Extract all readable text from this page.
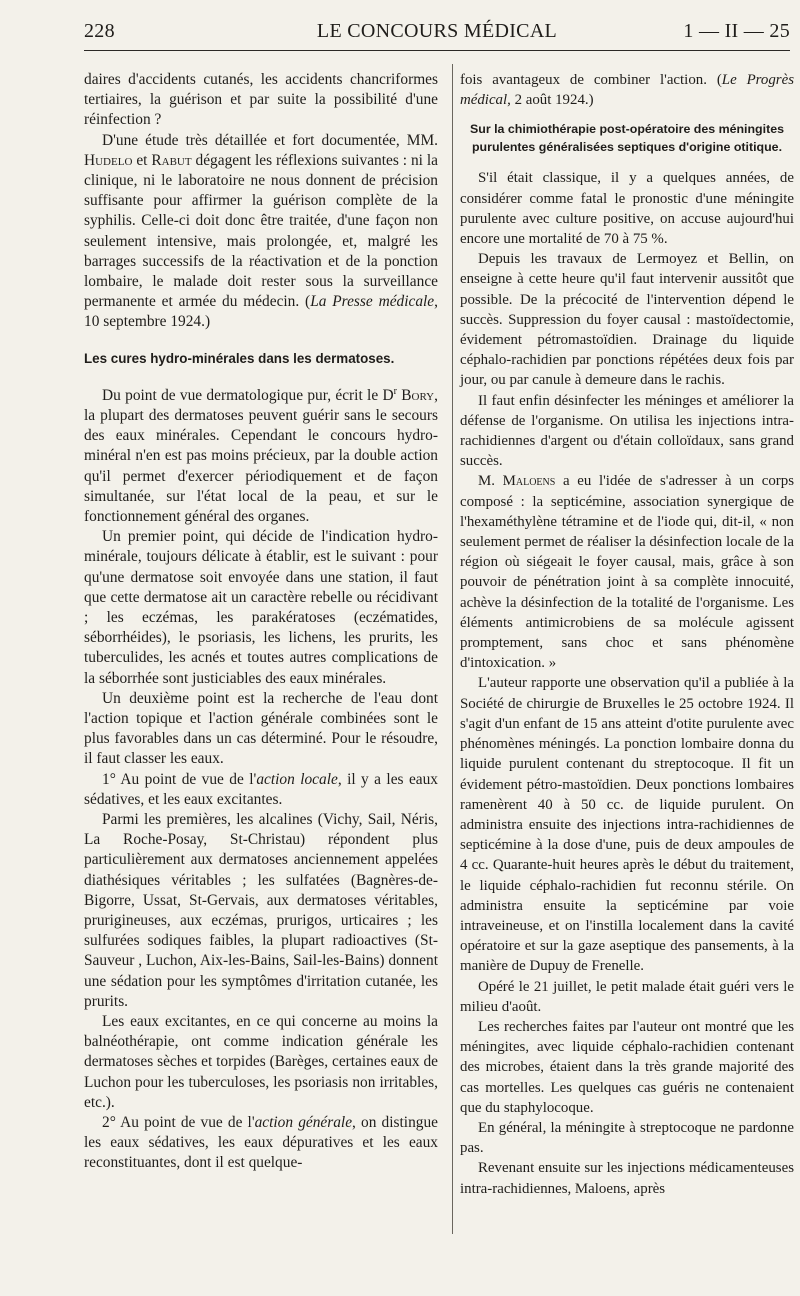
228	LE CONCOURS MÉDICAL	1 — II — 25

daires d'accidents cutanés, les accidents chancriformes tertiaires, la guérison et par suite la possibilité d'une réinfection ?

D'une étude très détaillée et fort documentée, MM. Hudelo et Rabut dégagent les réflexions suivantes : ni la clinique, ni le laboratoire ne nous donnent de précision suffisante pour affirmer la guérison complète de la syphilis. Celle-ci doit donc être traitée, d'une façon non seulement intensive, mais prolongée, et, malgré les barrages successifs de la réactivation et de la ponction lombaire, le malade doit rester sous la surveillance permanente et armée du médecin. (La Presse médicale, 10 septembre 1924.)

Les cures hydro-minérales dans les dermatoses.

Du point de vue dermatologique pur, écrit le $D^r$ Bory, la plupart des dermatoses peuvent guérir sans le secours des eaux minérales. Cependant le concours hydro-minéral n'en est pas moins précieux, par la double action qu'il permet d'exercer périodiquement et de façon simultanée, sur l'état local de la peau, et sur le fonctionnement général des organes.

Un premier point, qui décide de l'indication hydro-minérale, toujours délicate à établir, est le suivant : pour qu'une dermatose soit envoyée dans une station, il faut que cette dermatose ait un caractère rebelle ou récidivant ; les eczémas, les parakératoses (eczématides, séborrhéides), le psoriasis, les lichens, les prurits, les tuberculides, les acnés et toutes autres complications de la séborrhée sont justiciables des eaux minérales.

Un deuxième point est la recherche de l'eau dont l'action topique et l'action générale combinées sont le plus favorables dans un cas déterminé. Pour le résoudre, il faut classer les eaux.

1° Au point de vue de l'action locale, il y a les eaux sédatives, et les eaux excitantes.

Parmi les premières, les alcalines (Vichy, Sail, Néris, La Roche-Posay, St-Christau) répondent plus particulièrement aux dermatoses anciennement appelées diathésiques véritables ; les sulfatées (Bagnères-de-Bigorre, Ussat, St-Gervais, aux dermatoses véritables, prurigineuses, aux eczémas, prurigos, urticaires ; les sulfurées sodiques faibles, la plupart radioactives (St-Sauveur , Luchon, Aix-les-Bains, Sail-les-Bains) donnent une sédation pour les symptômes d'irritation cutanée, les prurits.

Les eaux excitantes, en ce qui concerne au moins la balnéothérapie, ont comme indication générale les dermatoses sèches et torpides (Barèges, certaines eaux de Luchon pour les tuberculoses, les psoriasis non irritables, etc.).

2° Au point de vue de l'action générale, on distingue les eaux sédatives, les eaux dépuratives et les eaux reconstituantes, dont il est quelque-

fois avantageux de combiner l'action. (Le Progrès médical, 2 août 1924.)

Sur la chimiothérapie post-opératoire des méningites purulentes généralisées septiques d'origine otitique.

S'il était classique, il y a quelques années, de considérer comme fatal le pronostic d'une méningite purulente avec culture positive, on accuse aujourd'hui encore une mortalité de 70 à 75 %.

Depuis les travaux de Lermoyez et Bellin, on enseigne à cette heure qu'il faut intervenir aussitôt que possible. De la précocité de l'intervention dépend le succès. Suppression du foyer causal : mastoïdectomie, évidement pétromastoïdien. Drainage du liquide céphalo-rachidien par ponctions répétées deux fois par jour, ou par canule à demeure dans le rachis.

Il faut enfin désinfecter les méninges et améliorer la défense de l'organisme. On utilisa les injections intra-rachidiennes d'argent ou d'étain colloïdaux, sans grand succès.

M. Maloens a eu l'idée de s'adresser à un corps composé : la septicémine, association synergique de l'hexaméthylène tétramine et de l'iode qui, dit-il, « non seulement permet de réaliser la désinfection locale de la région où siégeait le foyer causal, mais, grâce à son pouvoir de pénétration joint à sa complète innocuité, achève la désinfection de la totalité de l'organisme. Les éléments antimicrobiens de sa molécule agissent promptement, sans choc et sans phénomène d'intoxication. »

L'auteur rapporte une observation qu'il a publiée à la Société de chirurgie de Bruxelles le 25 octobre 1924. Il s'agit d'un enfant de 15 ans atteint d'otite purulente avec phénomènes méningés. La ponction lombaire donna du liquide purulent contenant du streptocoque. Il fit un évidement pétro-mastoïdien. Deux ponctions lombaires ramenèrent 40 à 50 cc. de liquide purulent. On administra ensuite des injections intra-rachidiennes de septicémine à la dose d'une, puis de deux ampoules de 4 cc. Quarante-huit heures après le début du traitement, le liquide céphalo-rachidien fut reconnu stérile. On administra ensuite la septicémine par voie intraveineuse, et on l'instilla localement dans la cavité opératoire et sur la gaze aseptique des pansements, à la manière de Dupuy de Frenelle.

Opéré le 21 juillet, le petit malade était guéri vers le milieu d'août.

Les recherches faites par l'auteur ont montré que les méningites, avec liquide céphalo-rachidien contenant des microbes, étaient dans la très grande majorité des cas mortelles. Les quelques cas guéris ne contenaient que du staphylocoque.

En général, la méningite à streptocoque ne pardonne pas.

Revenant ensuite sur les injections médicamenteuses intra-rachidiennes, Maloens, après
